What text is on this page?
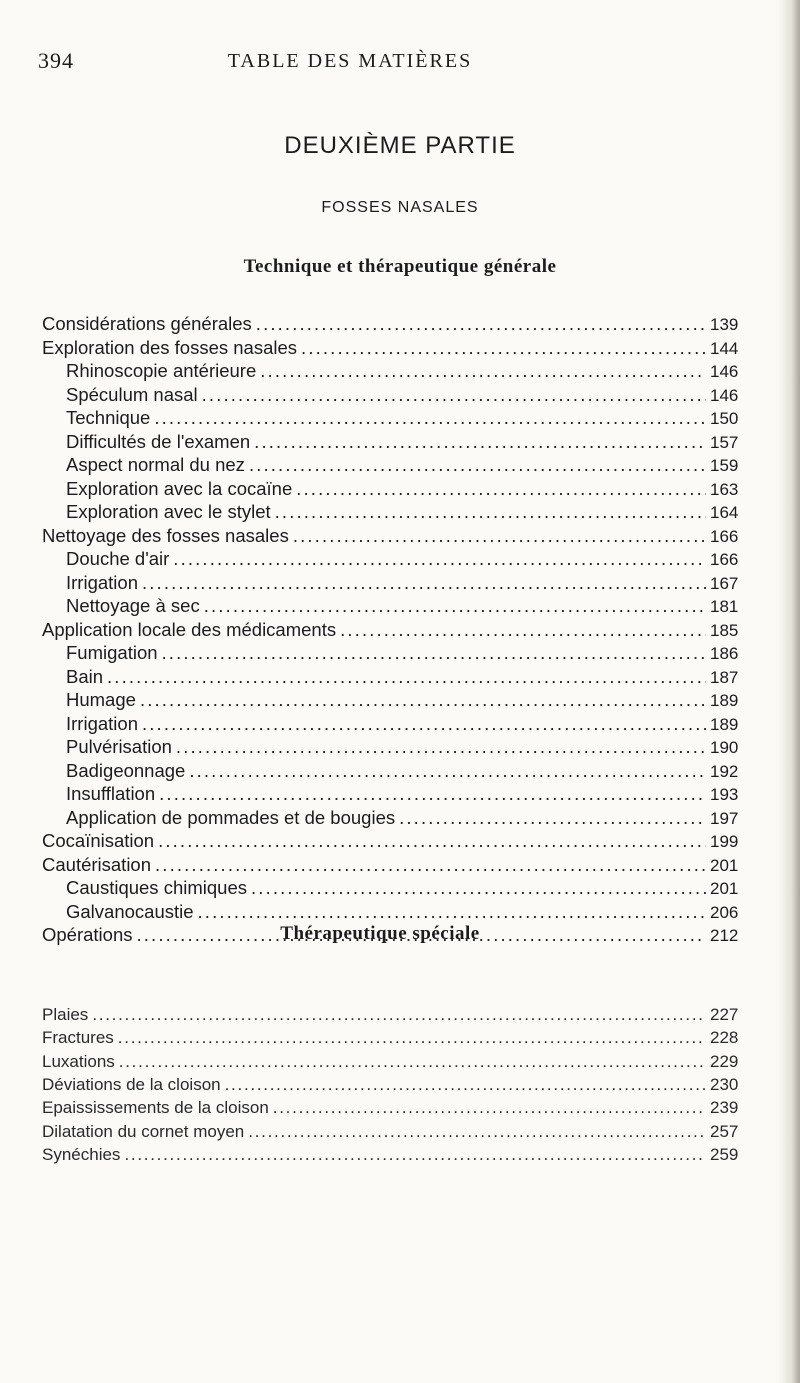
394	TABLE DES MATIÈRES
DEUXIÈME PARTIE
FOSSES NASALES
Technique et thérapeutique générale
Considérations générales . . .	139
Exploration des fosses nasales . . .	144
Rhinoscopie antérieure . . .	146
Spéculum nasal . . .	146
Technique . . .	150
Difficultés de l'examen . . .	157
Aspect normal du nez . . .	159
Exploration avec la cocaïne . . .	163
Exploration avec le stylet . . .	164
Nettoyage des fosses nasales . . .	166
Douche d'air . . .	166
Irrigation . . .	167
Nettoyage à sec . . .	181
Application locale des médicaments . . .	185
Fumigation . . .	186
Bain . . .	187
Humage . . .	189
Irrigation . . .	189
Pulvérisation . . .	190
Badigeonnage . . .	192
Insufflation . . .	193
Application de pommades et de bougies . . .	197
Cocaïnisation . . .	199
Cautérisation . . .	201
Caustiques chimiques . . .	201
Galvanocaustie . . .	206
Opérations . . .	212
Thérapeutique spéciale
Plaies . . .	227
Fractures . . .	228
Luxations . . .	229
Déviations de la cloison . . .	230
Epaississements de la cloison . . .	239
Dilatation du cornet moyen . . .	257
Synéchies . . .	259
